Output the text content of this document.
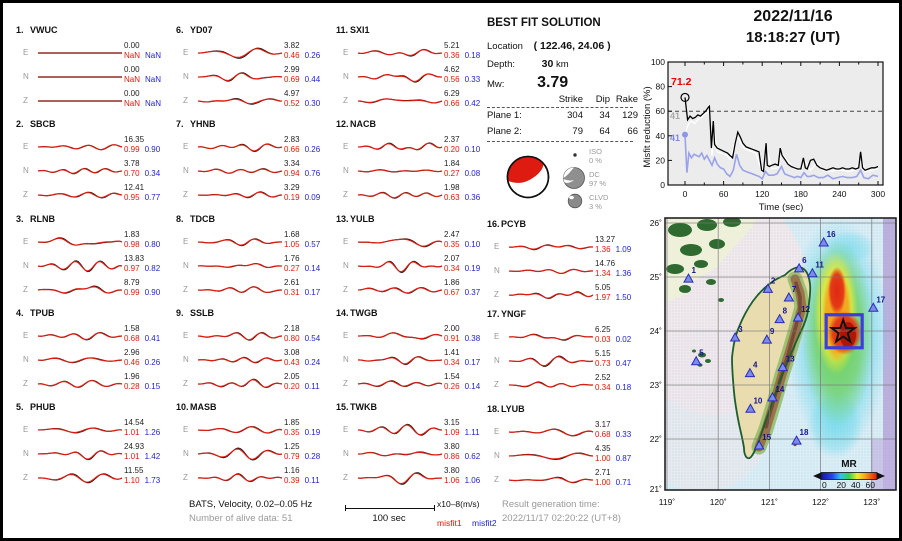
1. VWUC
E
0.00
NaN NaN
N
0.00
NaN NaN
Z
0.00
NaN NaN
2. SBCB
E
16.35
0.99 0.90
N
3.78
0.70 0.34
Z
12.41
0.95 0.77
3. RLNB
E
1.83
0.98 0.80
N
13.83
0.97 0.82
Z
8.79
0.99 0.90
4. TPUB
E
1.58
0.68 0.41
N
2.96
0.46 0.26
Z
1.96
0.28 0.15
5. PHUB
E
14.54
1.01 1.26
N
24.93
1.01 1.42
Z
11.55
1.10 1.73
6. YD07
E
3.82
0.46 0.26
N
2.99
0.69 0.44
Z
4.97
0.52 0.30
7. YHNB
E
2.83
0.66 0.26
N
3.34
0.94 0.76
Z
3.29
0.19 0.09
8. TDCB
E
1.68
1.05 0.57
N
1.76
0.27 0.14
Z
2.61
0.31 0.17
9. SSLB
E
2.18
0.80 0.54
N
3.08
0.43 0.24
Z
2.05
0.20 0.11
10.MASB
E
1.85
0.35 0.19
N
1.25
0.79 0.28
Z
1.16
0.39 0.11
11. SXI1
E
5.21
0.36 0.18
N
4.62
0.56 0.33
Z
6.29
0.66 0.42
12.NACB
E
2.37
0.20 0.10
N
1.84
0.27 0.08
Z
1.98
0.63 0.36
13.YULB
E
2.47
0.35 0.10
N
2.07
0.34 0.19
Z
1.86
0.67 0.37
14.TWGB
E
2.00
0.91 0.38
N
1.41
0.34 0.17
Z
1.54
0.26 0.14
15.TWKB
E
3.15
1.09 1.11
N
3.80
0.86 0.62
Z
3.80
1.06 1.06
16.PCYB
E
13.27
1.36 1.09
N
14.76
1.34 1.36
Z
5.05
1.97 1.50
17.YNGF
E
6.25
0.03 0.02
N
5.15
0.73 0.47
Z
2.52
0.34 0.18
18.LYUB
E
3.17
0.68 0.33
N
4.35
1.00 0.87
Z
2.71
1.00 0.71
BEST FIT SOLUTION
Location ( 122.46, 24.06 )
Depth:	30 km
Mw: 3.79
Strike	Dip Rake
Plane 1:	304	34	129
Plane 2:	79	64	66
ISO
0 %
DC
97 %
CLVD
3 %
2022/11/16
18:18:27 (UT)
0
20
40
60
80
100
0	60	120	180	240	300
71.2
41
41
Time (sec)
Misfit reduction (%)
26˚
25˚
24˚
23˚
22˚
21˚
119˚	120˚	121˚	122˚	123˚
1
2
3
4
5
6
7
8
9
10
11
12
13
14
15
16
17
18
0 20 40 60
MR
BATS, Velocity, 0.02–0.05 Hz
Number of alive data: 51	100 sec
x10–8(m/s)
misfit1 misfit2
Result generation time:
2022/11/17 02:20:22 (UT+8)
